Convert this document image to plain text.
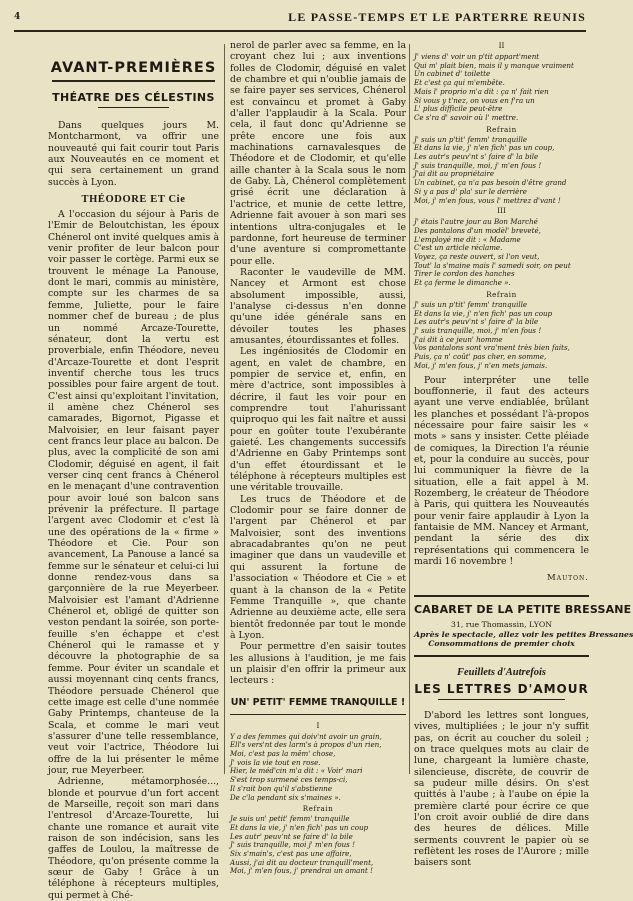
4	LE PASSE-TEMPS ET LE PARTERRE REUNIS
AVANT-PREMIÈRES
THÉATRE DES CÉLESTINS

Dans quelques jours M. Montcharmont, va offrir une nouveauté qui fait courir tout Paris aux Nouveautés en ce moment et qui sera certainement un grand succès à Lyon.

THÉODORE ET Cie

A l'occasion du séjour à Paris de l'Emir de Beloutchistan, les époux Chénerol ont invité quelques amis à venir profiter de leur balcon pour voir passer le cortège. Parmi eux se trouvent le ménage La Panouse, dont le mari, commis au ministère, compte sur les charmes de sa femme, Juliette, pour le faire nommer chef de bureau ; de plus un nommé Arcaze-Tourette, sénateur, dont la vertu est proverbiale, enfin Théodore, neveu d'Arcaze-Tourette et dont l'esprit inventif cherche tous les trucs possibles pour faire argent de tout. C'est ainsi qu'exploitant l'invitation, il amène chez Chénerol ses camarades, Bigornot, Pigasse et Malvoisier, en leur faisant payer cent francs leur place au balcon. De plus, avec la complicité de son ami Clodomir, déguisé en agent, il fait verser cinq cent francs à Chénerol en le menaçant d'une contravention pour avoir loué son balcon sans prévenir la préfecture. Il partage l'argent avec Clodomir et c'est là une des opérations de la « firme » Théodore et Cie. Pour son avancement, La Panouse a lancé sa femme sur le sénateur et celui-ci lui donne rendez-vous dans sa garçonnière de la rue Meyerbeer. Malvoisier est l'amant d'Adrienne Chénerol et, obligé de quitter son veston pendant la soirée, son porte-feuille s'en échappe et c'est Chénerol qui le ramasse et y découvre la photographie de sa femme. Pour éviter un scandale et aussi moyennant cinq cents francs, Théodore persuade Chénerol que cette image est celle d'une nommée Gaby Printemps, chanteuse de la Scala, et comme le mari veut s'assurer d'une telle ressemblance, veut voir l'actrice, Théodore lui offre de la lui présenter le même jour, rue Meyerbeer.

Adrienne, métamorphosée..., blonde et pourvue d'un fort accent de Marseille, reçoit son mari dans l'entresol d'Arcaze-Tourette, lui chante une romance et aurait vite raison de son indécision, sans les gaffes de Loulou, la maîtresse de Théodore, qu'on présente comme la sœur de Gaby ! Grâce à un téléphone à récepteurs multiples, qui permet à Ché-

nerol de parler avec sa femme, en la croyant chez lui ; aux inventions folles de Clodomir, déguisé en valet de chambre et qui n'oublie jamais de se faire payer ses services, Chénerol est convaincu et promet à Gaby d'aller l'applaudir à la Scala. Pour cela, il faut donc qu'Adrienne se prête encore une fois aux machinations carnavalesques de Théodore et de Clodomir, et qu'elle aille chanter à la Scala sous le nom de Gaby. Là, Chénerol complètement grisé écrit une déclaration à l'actrice, et munie de cette lettre, Adrienne fait avouer à son mari ses intentions ultra-conjugales et le pardonne, fort heureuse de terminer d'une aventure si compromettante pour elle.

Raconter le vaudeville de MM. Nancey et Armont est chose absolument impossible, aussi, l'analyse ci-dessus n'en donne qu'une idée générale sans en dévoiler toutes les phases amusantes, étourdissantes et folles.

Les ingéniosités de Clodomir en agent, en valet de chambre, en pompier de service et, enfin, en mère d'actrice, sont impossibles à décrire, il faut les voir pour en comprendre tout l'ahurissant quiproquo qui les fait naître et aussi pour en goûter toute l'exubérante gaieté. Les changements successifs d'Adrienne en Gaby Printemps sont d'un effet étourdissant et le téléphone à récepteurs multiples est une véritable trouvaille.

Les trucs de Théodore et de Clodomir pour se faire donner de l'argent par Chénerol et par Malvoisier, sont des inventions abracadabrantes qu'on ne peut imaginer que dans un vaudeville et qui assurent la fortune de l'association « Théodore et Cie » et quant à la chanson de la « Petite Femme Tranquille », que chante Adrienne au deuxième acte, elle sera bientôt fredonnée par tout le monde à Lyon.

Pour permettre d'en saisir toutes les allusions à l'audition, je me fais un plaisir d'en offrir la primeur aux lecteurs :

UN' PETIT' FEMME TRANQUILLE !
I
Y a des femmes qui doiv'nt avoir un grain,
Ell's vers'nt des larm's à propos d'un rien,
Moi, c'est pas la mêm' chose,
J' vois la vie tout en rose.
Hier, le méd'cin m'a dit : « Voir' mari
S'est trop surmené ces temps-ci,
Il s'rait bon qu'il s'abstienne
De c'la pendant six s'maines ».
Refrain
Je suis un' petit' femm' tranquille
Et dans la vie, j' n'en fich' pas un coup
Les autr' peuv'nt se faire d' la bile
J' suis tranquille, moi j' m'en fous !
Six s'main's, c'est pas une affaire,
Aussi, j'ai dit au docteur tranquill'ment,
Moi, j' m'en fous, j' prendrai un amant !
II
J' viens d' voir un p'tit appart'ment
Qui m' plait bien, mais il y manque vraiment
Un cabinet d' toilette
Et c'est ça qui m'embête.
Mais l' proprio m'a dit : ça n' fait rien
Si vous y t'nez, on vous en f'ra un
L' plus difficile peut-être
Ce s'ra d' savoir où l' mettre.
Refrain
J' suis un p'tit' femm' tranquille
Et dans la vie, j' n'en fich' pas un coup,
Les autr's peuv'nt s' faire d' la bile
J' suis tranquille, moi, j' m'en fous !
J'ai dit au propriétaire
Un cabinet, ça n'a pas besoin d'être grand
Si y a pas d' pla' sur le derrière
Moi, j' m'en fous, vous l' mettrez d'vant !
III
J' étais l'autre jour au Bon Marché
Des pantalons d'un modèl' breveté,
L'employé me dit : « Madame
C'est un article réclame.
Voyez, ça reste ouvert, si l'on veut,
Tout' la s'maine mais l' samedi soir, on peut
Tirer le cordon des hanches
Et ça ferme le dimanche ».
Refrain
J' suis un p'tit' femm' tranquille
Et dans la vie, j' n'en fich' pas un coup
Les autr's peuv'nt s' faire d' la bile
J' suis tranquille, moi, j' m'en fous !
J'ai dit à ce jeun' homme
Vos pantalons sont vra'ment très bien faits,
Puis, ça n' coût' pas cher, en somme,
Moi, j' m'en fous, j' n'en mets jamais.

Pour interpréter une telle bouffonnerie, il faut des acteurs ayant une verve endiablée, brûlant les planches et possédant l'à-propos nécessaire pour faire saisir les « mots » sans y insister. Cette pléiade de comiques, la Direction l'a réunie et, pour la conduire au succès, pour lui communiquer la fièvre de la situation, elle a fait appel à M. Rozemberg, le créateur de Théodore à Paris, qui quittera les Nouveautés pour venir faire applaudir à Lyon la fantaisie de MM. Nancey et Armant, pendant la série des dix représentations qui commencera le mardi 16 novembre !

Mauton.
CABARET DE LA PETITE BRESSANE
31, rue Thomassin, LYON
Après le spectacle, allez voir les petites Bressanes
Consommations de premier choix
Feuillets d'Autrefois
LES LETTRES D'AMOUR

D'abord les lettres sont longues, vives, multipliées ; le jour n'y suffit pas, on écrit au coucher du soleil ; on trace quelques mots au clair de lune, chargeant la lumière chaste, silencieuse, discrète, de couvrir de sa pudeur mille désirs. On s'est quittés à l'aube ; à l'aube on épie la première clarté pour écrire ce que l'on croit avoir oublié de dire dans des heures de délices. Mille serments couvrent le papier où se reflètent les roses de l'Aurore ; mille baisers sont
